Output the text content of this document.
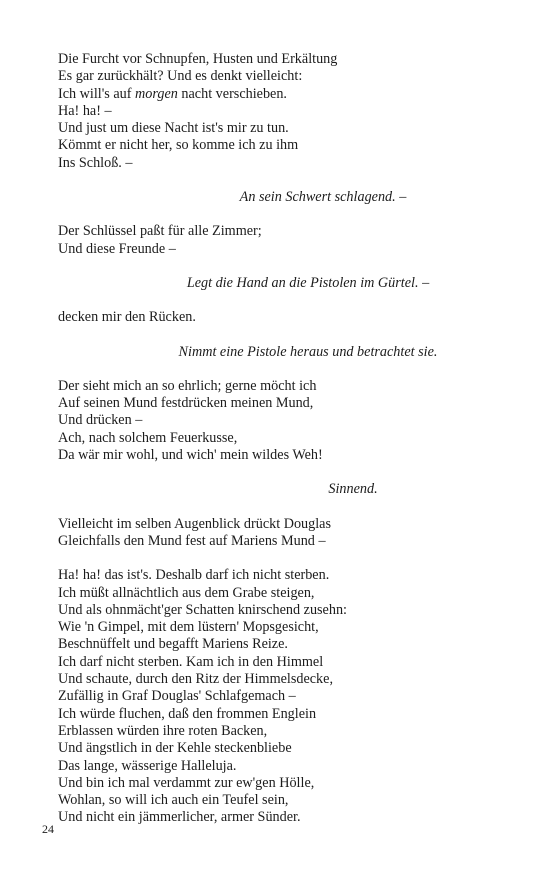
Die Furcht vor Schnupfen, Husten und Erkältung
Es gar zurückhält? Und es denkt vielleicht:
Ich will's auf morgen nacht verschieben.
Ha! ha! –
Und just um diese Nacht ist's mir zu tun.
Kömmt er nicht her, so komme ich zu ihm
Ins Schloß. –
An sein Schwert schlagend. –
Der Schlüssel paßt für alle Zimmer;
Und diese Freunde –
Legt die Hand an die Pistolen im Gürtel. –
decken mir den Rücken.
Nimmt eine Pistole heraus und betrachtet sie.
Der sieht mich an so ehrlich; gerne möcht ich
Auf seinen Mund festdrücken meinen Mund,
Und drücken –
Ach, nach solchem Feuerkusse,
Da wär mir wohl, und wich' mein wildes Weh!
Sinnend.
Vielleicht im selben Augenblick drückt Douglas
Gleichfalls den Mund fest auf Mariens Mund –
Ha! ha! das ist's. Deshalb darf ich nicht sterben.
Ich müßt allnächtlich aus dem Grabe steigen,
Und als ohnmächt'ger Schatten knirschend zusehn:
Wie 'n Gimpel, mit dem lüstern' Mopsgesicht,
Beschnüffelt und begafft Mariens Reize.
Ich darf nicht sterben. Kam ich in den Himmel
Und schaute, durch den Ritz der Himmelsdecke,
Zufällig in Graf Douglas' Schlafgemach –
Ich würde fluchen, daß den frommen Englein
Erblassen würden ihre roten Backen,
Und ängstlich in der Kehle steckenbliebe
Das lange, wässerige Halleluja.
Und bin ich mal verdammt zur ew'gen Hölle,
Wohlan, so will ich auch ein Teufel sein,
Und nicht ein jämmerlicher, armer Sünder.
24
